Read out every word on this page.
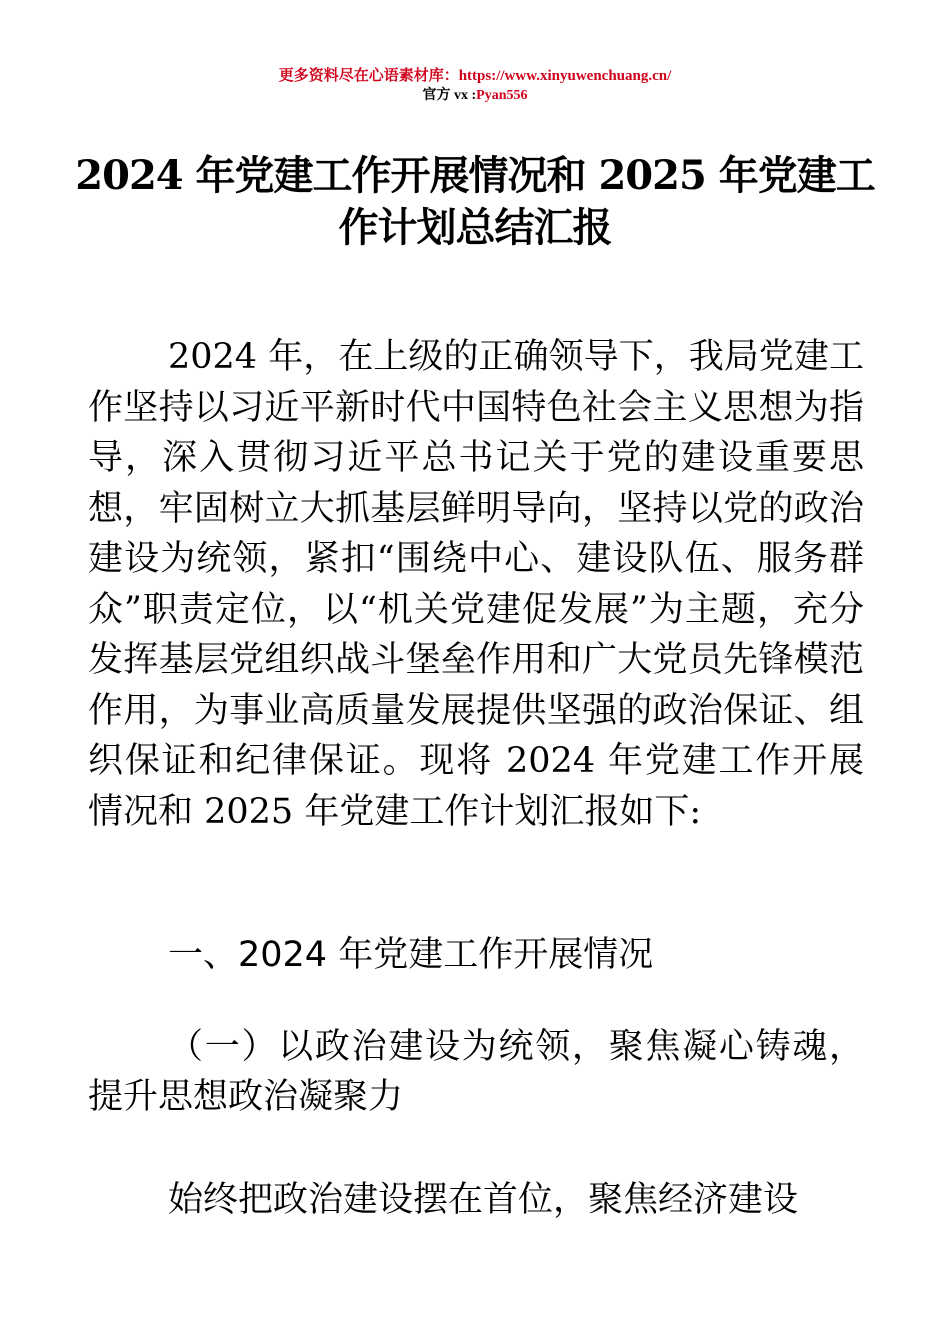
更多资料尽在心语素材库：https://www.xinyuwenchuang.cn/
官方 vx :Pyan556
2024 年党建工作开展情况和 2025 年党建工作计划总结汇报
2024 年，在上级的正确领导下，我局党建工作坚持以习近平新时代中国特色社会主义思想为指导，深入贯彻习近平总书记关于党的建设重要思想，牢固树立大抓基层鲜明导向，坚持以党的政治建设为统领，紧扣“围绕中心、建设队伍、服务群众”职责定位，以“机关党建促发展”为主题，充分发挥基层党组织战斗堡垒作用和广大党员先锋模范作用，为事业高质量发展提供坚强的政治保证、组织保证和纪律保证。现将 2024 年党建工作开展情况和 2025 年党建工作计划汇报如下:
一、2024 年党建工作开展情况
（一）以政治建设为统领，聚焦凝心铸魂，提升思想政治凝聚力
始终把政治建设摆在首位，聚焦经济建设
